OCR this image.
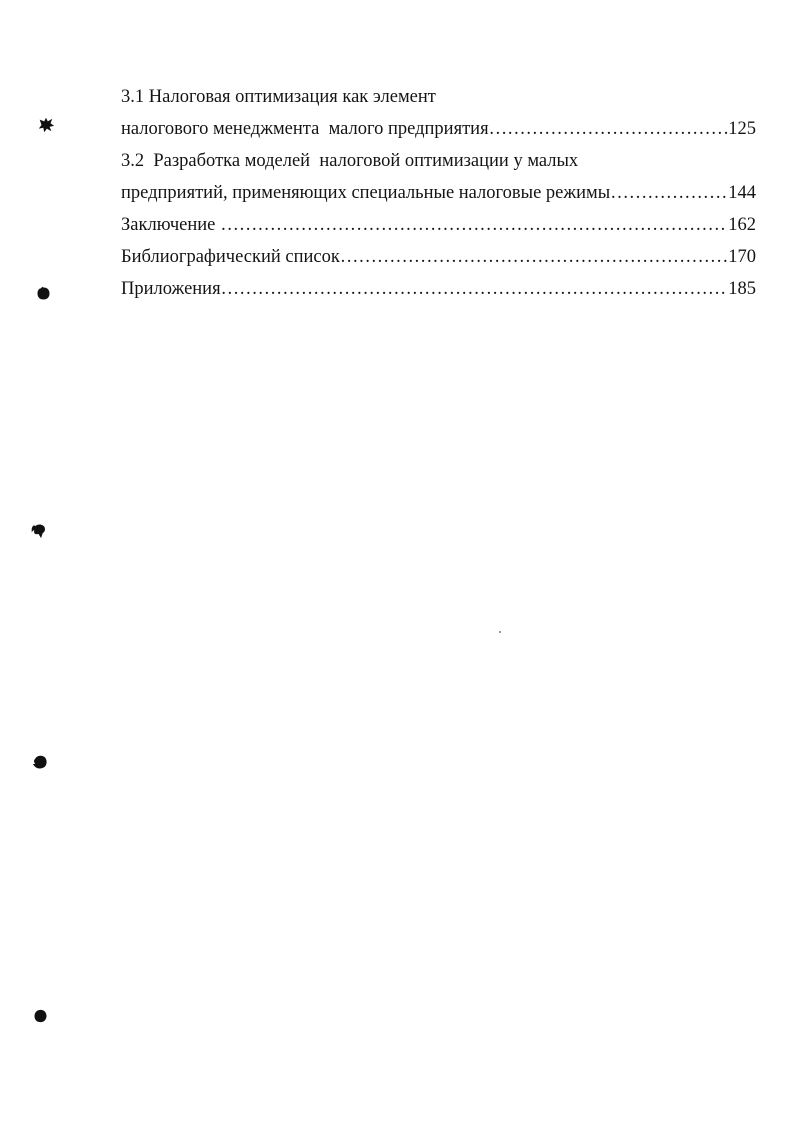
3.1 Налоговая оптимизация как элемент
налогового менеджмента  малого предприятия ……………………………………………………………………………………………………………………………………………………………………………………………	125
3.2  Разработка моделей  налоговой оптимизации у малых
предприятий, применяющих специальные налоговые режимы ……………………………………………………………………………………………………………………………………………………………………………………………	144
Заключение ……………………………………………………………………………………………………………………………………………………………………………………………	162
Библиографический список ……………………………………………………………………………………………………………………………………………………………………………………………	170
Приложения ……………………………………………………………………………………………………………………………………………………………………………………………	185
